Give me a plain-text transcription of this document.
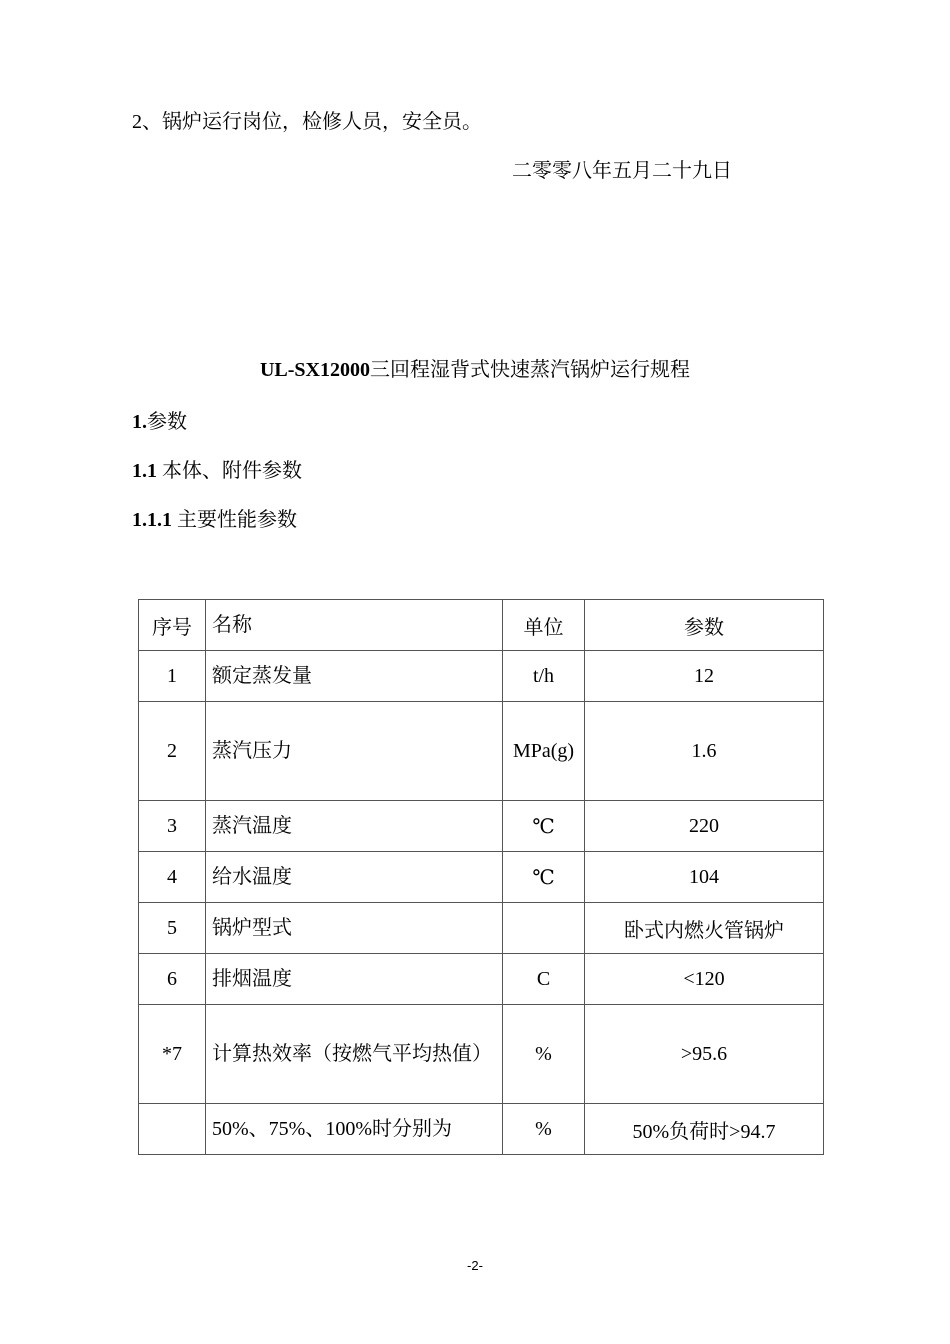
2、锅炉运行岗位，检修人员，安全员。
二零零八年五月二十九日
UL-SX12000三回程湿背式快速蒸汽锅炉运行规程
1.参数
1.1 本体、附件参数
1.1.1 主要性能参数
序号	名称	单位	参数
1	额定蒸发量	t/h	12
2	蒸汽压力	MPa(g)	1.6
3	蒸汽温度	℃	220
4	给水温度	℃	104
5	锅炉型式		卧式内燃火管锅炉
6	排烟温度	C	<120
*7	计算热效率（按燃气平均热值）	%	>95.6
	50%、75%、100%时分别为	%	50%负荷时>94.7
-2-
